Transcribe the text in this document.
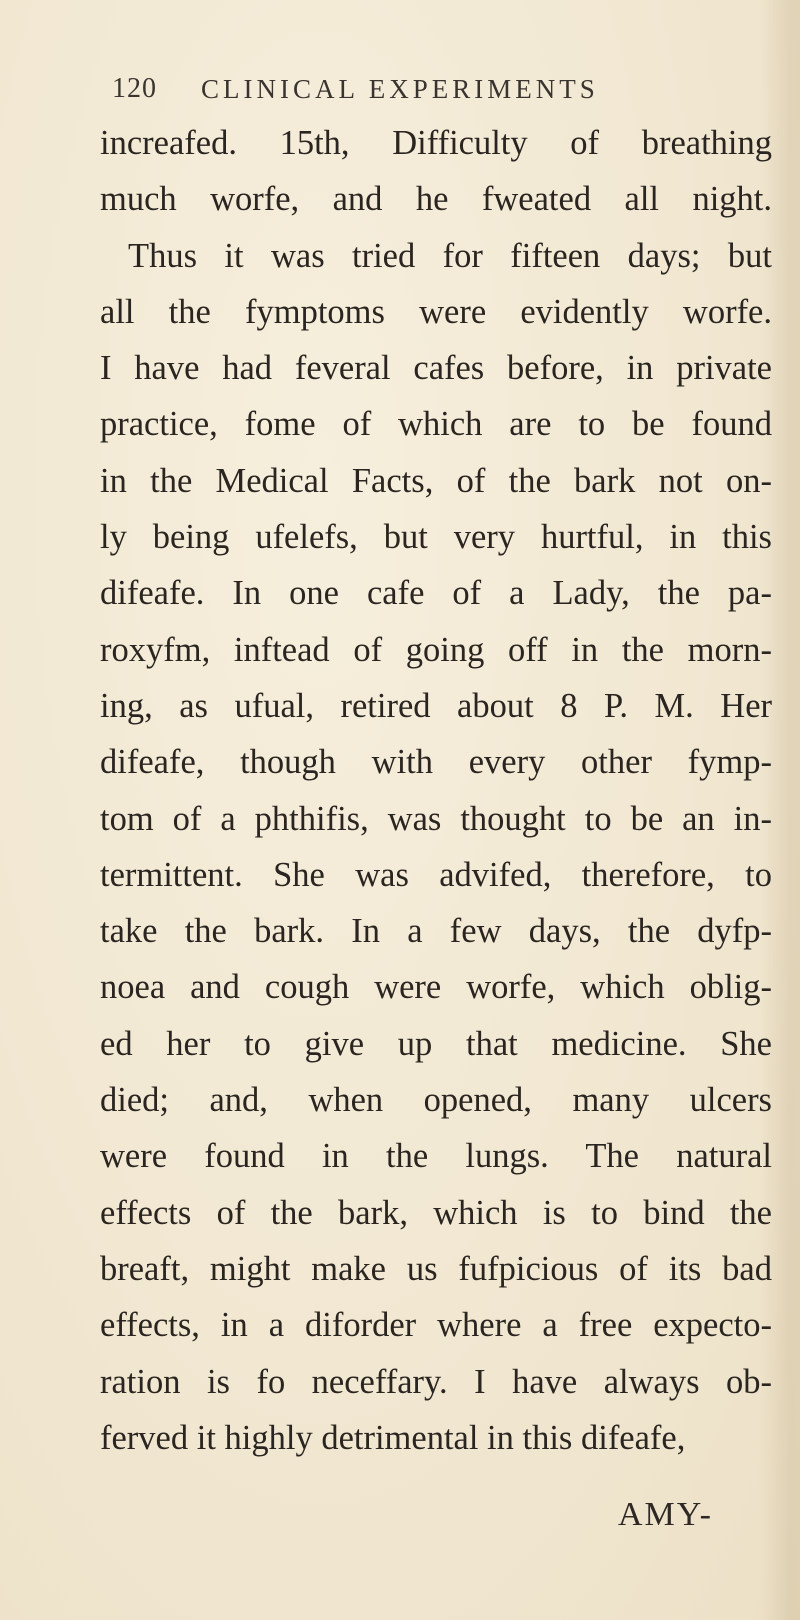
120 CLINICAL EXPERIMENTS
increafed. 15th, Difficulty of breathing
much worfe, and he fweated all night.
Thus it was tried for fifteen days; but
all the fymptoms were evidently worfe.
I have had feveral cafes before, in private
practice, fome of which are to be found
in the Medical Facts, of the bark not on-
ly being ufelefs, but very hurtful, in this
difeafe. In one cafe of a Lady, the pa-
roxyfm, inftead of going off in the morn-
ing, as ufual, retired about 8 P. M. Her
difeafe, though with every other fymp-
tom of a phthifis, was thought to be an in-
termittent. She was advifed, therefore, to
take the bark. In a few days, the dyfp-
noea and cough were worfe, which oblig-
ed her to give up that medicine. She
died; and, when opened, many ulcers
were found in the lungs. The natural
effects of the bark, which is to bind the
breaft, might make us fufpicious of its bad
effects, in a diforder where a free expecto-
ration is fo neceffary. I have always ob-
ferved it highly detrimental in this difeafe,
AMY-
